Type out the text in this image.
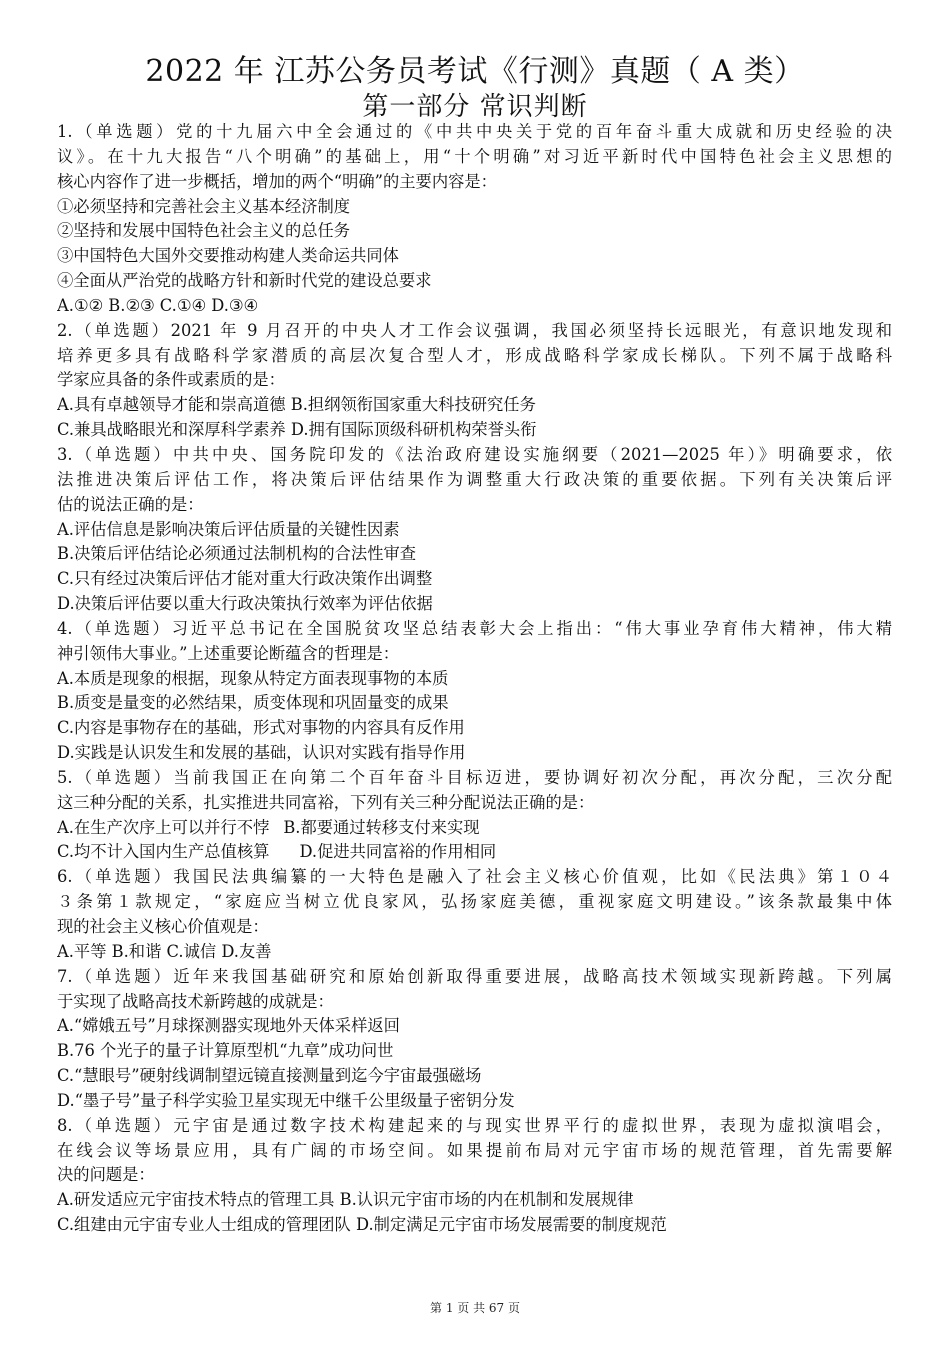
2022 年 江苏公务员考试《行测》真题（ A 类）
第一部分 常识判断
1.（单选题）党的十九届六中全会通过的《中共中央关于党的百年奋斗重大成就和历史经验的决
议》。在十九大报告“八个明确”的基础上，用“十个明确”对习近平新时代中国特色社会主义思想的
核心内容作了进一步概括，增加的两个“明确”的主要内容是：
①必须坚持和完善社会主义基本经济制度
②坚持和发展中国特色社会主义的总任务
③中国特色大国外交要推动构建人类命运共同体
④全面从严治党的战略方针和新时代党的建设总要求
A.①② B.②③ C.①④ D.③④
2.（单选题）2021 年 9 月召开的中央人才工作会议强调，我国必须坚持长远眼光，有意识地发现和
培养更多具有战略科学家潜质的高层次复合型人才，形成战略科学家成长梯队。下列不属于战略科
学家应具备的条件或素质的是：
A.具有卓越领导才能和崇高道德 B.担纲领衔国家重大科技研究任务
C.兼具战略眼光和深厚科学素养 D.拥有国际顶级科研机构荣誉头衔
3.（单选题）中共中央、国务院印发的《法治政府建设实施纲要（2021—2025 年）》明确要求，依
法推进决策后评估工作，将决策后评估结果作为调整重大行政决策的重要依据。下列有关决策后评
估的说法正确的是：
A.评估信息是影响决策后评估质量的关键性因素
B.决策后评估结论必须通过法制机构的合法性审查
C.只有经过决策后评估才能对重大行政决策作出调整
D.决策后评估要以重大行政决策执行效率为评估依据
4.（单选题）习近平总书记在全国脱贫攻坚总结表彰大会上指出：“伟大事业孕育伟大精神，伟大精
神引领伟大事业。”上述重要论断蕴含的哲理是：
A.本质是现象的根据，现象从特定方面表现事物的本质
B.质变是量变的必然结果，质变体现和巩固量变的成果
C.内容是事物存在的基础，形式对事物的内容具有反作用
D.实践是认识发生和发展的基础，认识对实践有指导作用
5.（单选题）当前我国正在向第二个百年奋斗目标迈进，要协调好初次分配，再次分配，三次分配
这三种分配的关系，扎实推进共同富裕，下列有关三种分配说法正确的是：
A.在生产次序上可以并行不悖 B.都要通过转移支付来实现
C.均不计入国内生产总值核算 D.促进共同富裕的作用相同
6.（单选题）我国民法典编纂的一大特色是融入了社会主义核心价值观，比如《民法典》第１０４
３条第１款规定，“家庭应当树立优良家风，弘扬家庭美德，重视家庭文明建设。”该条款最集中体
现的社会主义核心价值观是：
A.平等 B.和谐 C.诚信 D.友善
7.（单选题）近年来我国基础研究和原始创新取得重要进展，战略高技术领域实现新跨越。下列属
于实现了战略高技术新跨越的成就是：
A.“嫦娥五号”月球探测器实现地外天体采样返回
B.76 个光子的量子计算原型机“九章”成功问世
C.“慧眼号”硬射线调制望远镜直接测量到迄今宇宙最强磁场
D.“墨子号”量子科学实验卫星实现无中继千公里级量子密钥分发
8.（单选题）元宇宙是通过数字技术构建起来的与现实世界平行的虚拟世界，表现为虚拟演唱会，
在线会议等场景应用，具有广阔的市场空间。如果提前布局对元宇宙市场的规范管理，首先需要解
决的问题是：
A.研发适应元宇宙技术特点的管理工具 B.认识元宇宙市场的内在机制和发展规律
C.组建由元宇宙专业人士组成的管理团队 D.制定满足元宇宙市场发展需要的制度规范
第 1 页 共 67 页
